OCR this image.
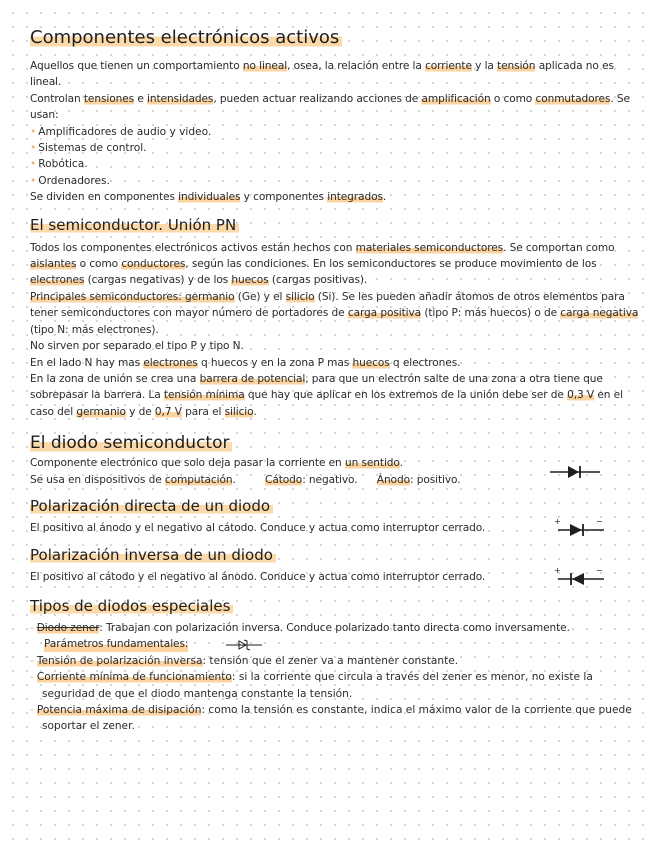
Componentes electrónicos activos

Aquellos que tienen un comportamiento no lineal, osea, la relación entre la corriente y la tensión aplicada no es lineal.

Controlan tensiones e intensidades, pueden actuar realizando acciones de amplificación o como conmutadores. Se usan:

• Amplificadores de audio y video.
• Sistemas de control.
• Robótica.
• Ordenadores.

Se dividen en componentes individuales y componentes integrados.

El semiconductor. Unión PN

Todos los componentes electrónicos activos están hechos con materiales semiconductores. Se comportan como aislantes o como conductores, según las condiciones. En los semiconductores se produce movimiento de los electrones (cargas negativas) y de los huecos (cargas positivas).

Principales semiconductores: germanio (Ge) y el silicio (Si). Se les pueden añadir átomos de otros elementos para tener semiconductores con mayor número de portadores de carga positiva (tipo P: más huecos) o de carga negativa (tipo N: más electrones).

No sirven por separado el tipo P y tipo N.

En el lado N hay mas electrones q huecos y en la zona P mas huecos q electrones.

En la zona de unión se crea una barrera de potencial, para que un electrón salte de una zona a otra tiene que sobrepasar la barrera. La tensión mínima que hay que aplicar en los extremos de la unión debe ser de 0,3 V en el caso del germanio y de 0,7 V para el silicio.

El diodo semiconductor

Componente electrónico que solo deja pasar la corriente en un sentido.

Se usa en dispositivos de computación.	Cátodo: negativo. Ánodo: positivo.

Polarización directa de un diodo

El positivo al ánodo y el negativo al cátodo. Conduce y actua como interruptor cerrado.

+	−
Polarización inversa de un diodo

El positivo al cátodo y el negativo al ánodo. Conduce y actua como interruptor cerrado.

+	−
Tipos de diodos especiales

- Diodo zener: Trabajan con polarización inversa. Conduce polarizado tanto directa como inversamente.

Parámetros fundamentales:
- Tensión de polarización inversa: tensión que el zener va a mantener constante.
- Corriente mínima de funcionamiento: si la corriente que circula a través del zener es menor, no existe la seguridad de que el diodo mantenga constante la tensión.
- Potencia máxima de disipación: como la tensión es constante, indica el máximo valor de la corriente que puede soportar el zener.
